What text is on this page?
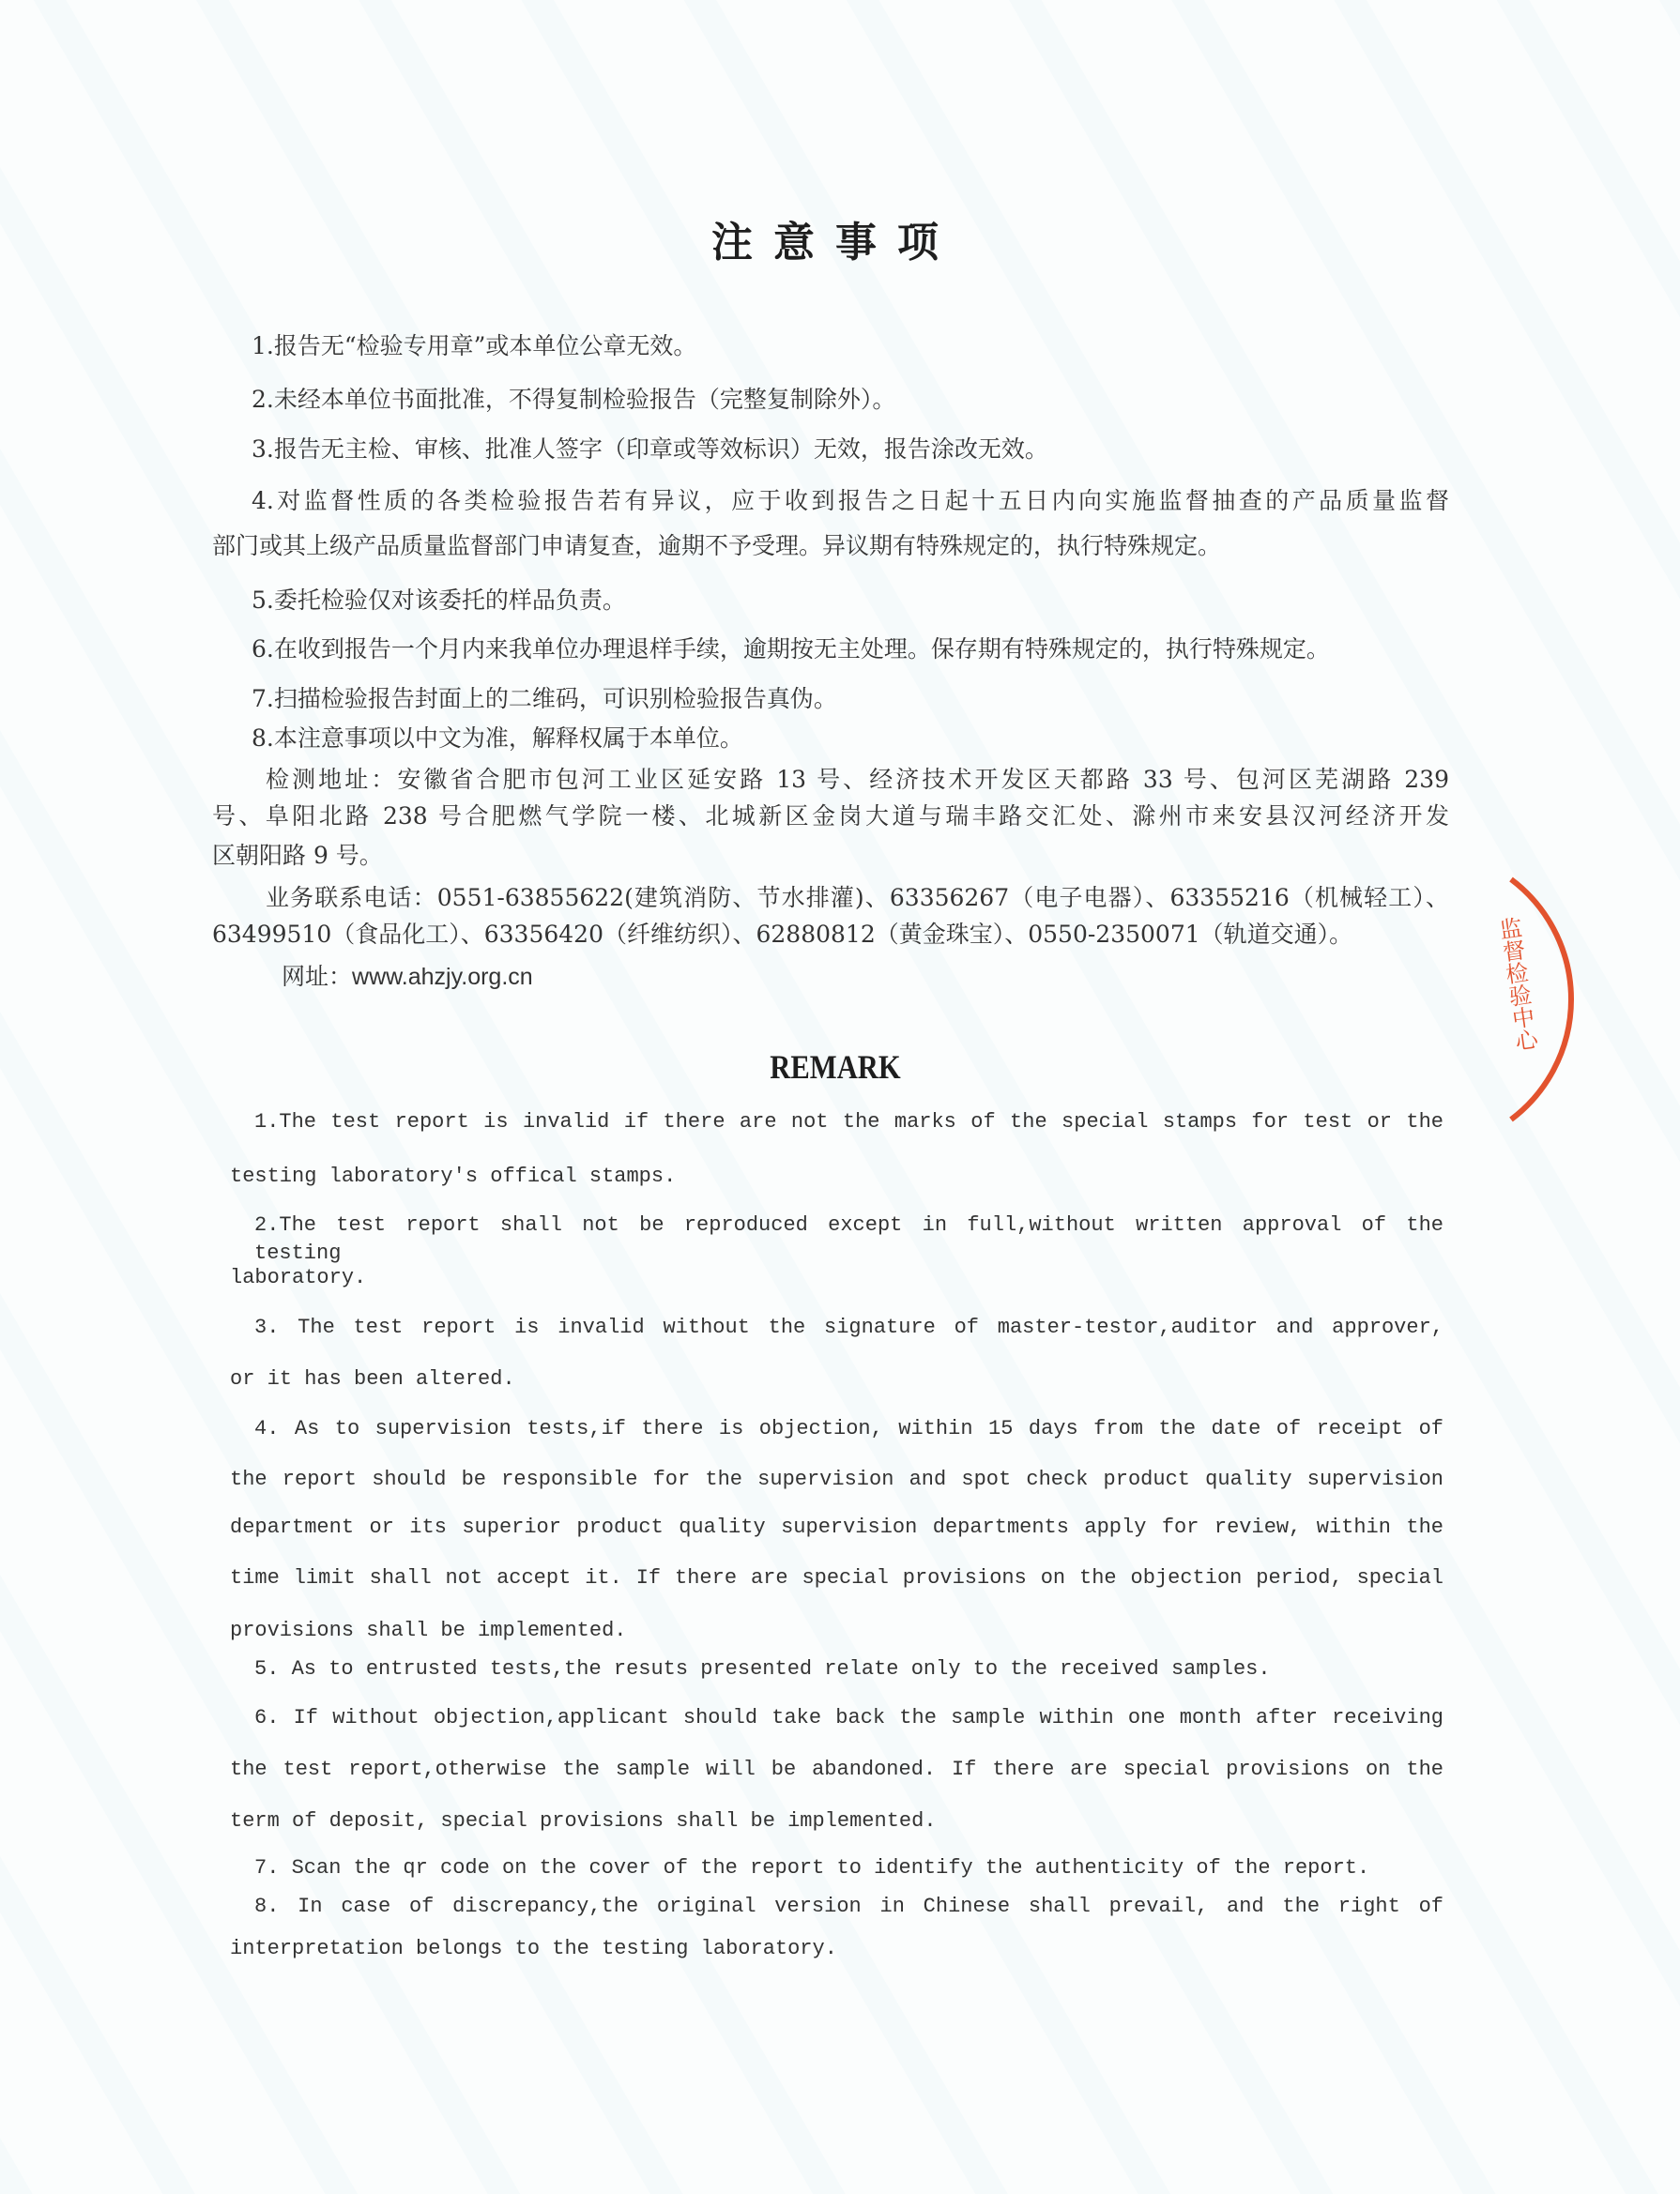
注意事项
1.报告无“检验专用章”或本单位公章无效。
2.未经本单位书面批准，不得复制检验报告（完整复制除外）。
3.报告无主检、审核、批准人签字（印章或等效标识）无效，报告涂改无效。
4.对监督性质的各类检验报告若有异议，应于收到报告之日起十五日内向实施监督抽查的产品质量监督
部门或其上级产品质量监督部门申请复查，逾期不予受理。异议期有特殊规定的，执行特殊规定。
5.委托检验仅对该委托的样品负责。
6.在收到报告一个月内来我单位办理退样手续，逾期按无主处理。保存期有特殊规定的，执行特殊规定。
7.扫描检验报告封面上的二维码，可识别检验报告真伪。
8.本注意事项以中文为准，解释权属于本单位。
检测地址：安徽省合肥市包河工业区延安路 13 号、经济技术开发区天都路 33 号、包河区芜湖路 239
号、阜阳北路 238 号合肥燃气学院一楼、北城新区金岗大道与瑞丰路交汇处、滁州市来安县汉河经济开发
区朝阳路 9 号。
业务联系电话：0551-63855622(建筑消防、节水排灌)、63356267（电子电器）、63355216（机械轻工）、
63499510（食品化工）、63356420（纤维纺织）、62880812（黄金珠宝）、0550-2350071（轨道交通）。
网址：www.ahzjy.org.cn
REMARK
1.The test report is invalid if there are not the marks of the special stamps for test or the
testing laboratory's offical stamps.
2.The test report shall not be reproduced except in full,without written approval of the testing
laboratory.
3. The test report is invalid without the signature of master-testor,auditor and approver,
or it has been altered.
4. As to supervision tests,if there is objection, within 15 days from the date of receipt of
the report should be responsible for the supervision and spot check product quality supervision
department or its superior product quality supervision departments apply for review, within the
time limit shall not accept it. If there are special provisions on the objection period, special
provisions shall be implemented.
5. As to entrusted tests,the resuts presented relate only to the received samples.
6. If without objection,applicant should take back the sample within one month after receiving
the test report,otherwise the sample will be abandoned. If there are special provisions on the
term of deposit, special provisions shall be implemented.
7. Scan the qr code on the cover of the report to identify the authenticity of the report.
8. In case of discrepancy,the original version in Chinese shall prevail, and the right of
interpretation belongs to the testing laboratory.
监督检验中心
